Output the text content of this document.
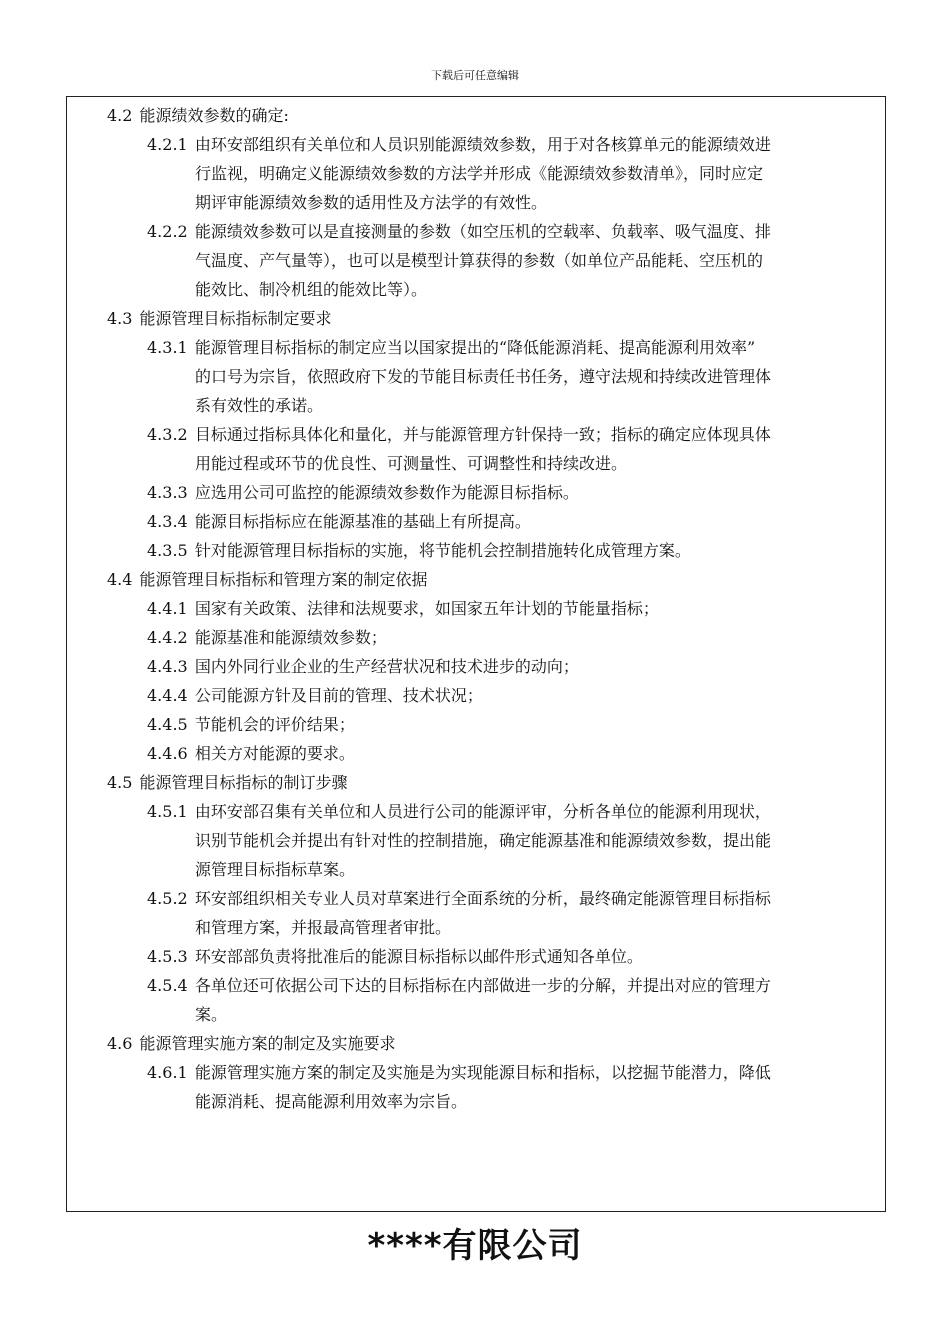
下载后可任意编辑
4.2 能源绩效参数的确定:
4.2.1 由环安部组织有关单位和人员识别能源绩效参数，用于对各核算单元的能源绩效进
行监视，明确定义能源绩效参数的方法学并形成《能源绩效参数清单》，同时应定
期评审能源绩效参数的适用性及方法学的有效性。
4.2.2 能源绩效参数可以是直接测量的参数（如空压机的空载率、负载率、吸气温度、排
气温度、产气量等），也可以是模型计算获得的参数（如单位产品能耗、空压机的
能效比、制冷机组的能效比等）。
4.3 能源管理目标指标制定要求
4.3.1 能源管理目标指标的制定应当以国家提出的“降低能源消耗、提高能源利用效率”
的口号为宗旨，依照政府下发的节能目标责任书任务，遵守法规和持续改进管理体
系有效性的承诺。
4.3.2 目标通过指标具体化和量化，并与能源管理方针保持一致；指标的确定应体现具体
用能过程或环节的优良性、可测量性、可调整性和持续改进。
4.3.3 应选用公司可监控的能源绩效参数作为能源目标指标。
4.3.4 能源目标指标应在能源基准的基础上有所提高。
4.3.5 针对能源管理目标指标的实施，将节能机会控制措施转化成管理方案。
4.4 能源管理目标指标和管理方案的制定依据
4.4.1 国家有关政策、法律和法规要求，如国家五年计划的节能量指标；
4.4.2 能源基准和能源绩效参数；
4.4.3 国内外同行业企业的生产经营状况和技术进步的动向；
4.4.4 公司能源方针及目前的管理、技术状况；
4.4.5 节能机会的评价结果；
4.4.6 相关方对能源的要求。
4.5 能源管理目标指标的制订步骤
4.5.1 由环安部召集有关单位和人员进行公司的能源评审，分析各单位的能源利用现状，
识别节能机会并提出有针对性的控制措施，确定能源基准和能源绩效参数，提出能
源管理目标指标草案。
4.5.2 环安部组织相关专业人员对草案进行全面系统的分析，最终确定能源管理目标指标
和管理方案，并报最高管理者审批。
4.5.3 环安部部负责将批准后的能源目标指标以邮件形式通知各单位。
4.5.4 各单位还可依据公司下达的目标指标在内部做进一步的分解，并提出对应的管理方
案。
4.6 能源管理实施方案的制定及实施要求
4.6.1 能源管理实施方案的制定及实施是为实现能源目标和指标，以挖掘节能潜力，降低
能源消耗、提高能源利用效率为宗旨。
****有限公司
